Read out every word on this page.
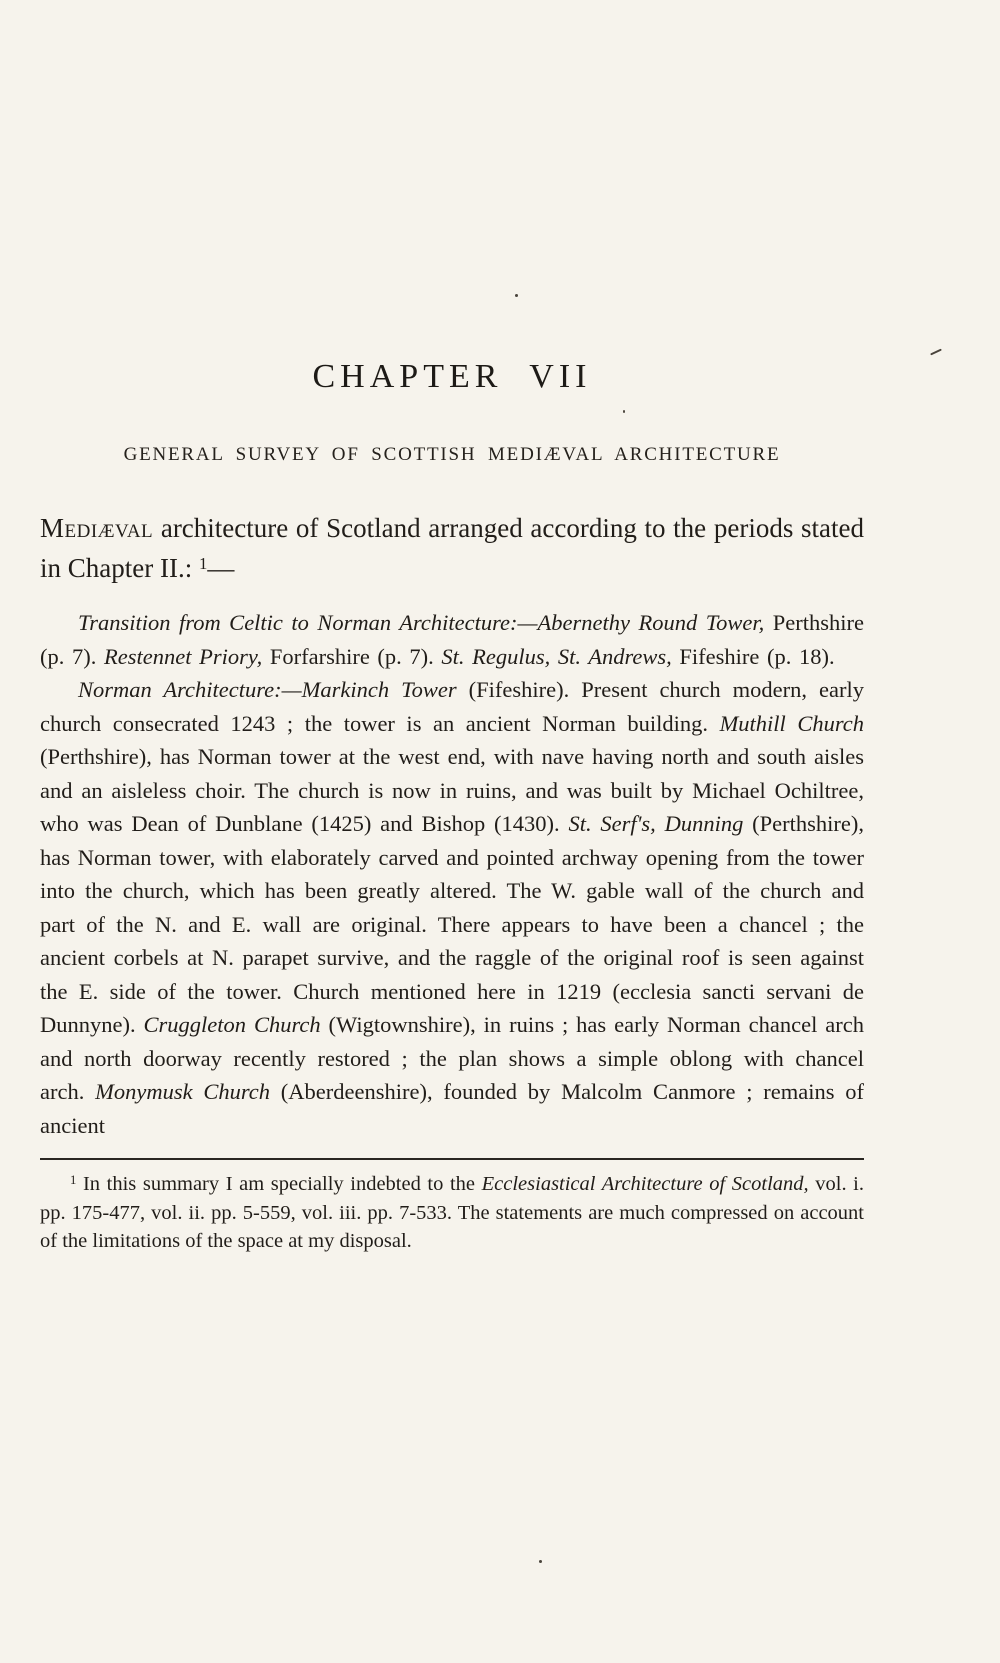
CHAPTER VII
GENERAL SURVEY OF SCOTTISH MEDIÆVAL ARCHITECTURE

Mediæval architecture of Scotland arranged according to the periods stated in Chapter II.: $^1$—

Transition from Celtic to Norman Architecture:—Abernethy Round Tower, Perthshire (p. 7). Restennet Priory, Forfarshire (p. 7). St. Regulus, St. Andrews, Fifeshire (p. 18).

Norman Architecture:—Markinch Tower (Fifeshire). Present church modern, early church consecrated 1243 ; the tower is an ancient Norman building. Muthill Church (Perthshire), has Norman tower at the west end, with nave having north and south aisles and an aisleless choir. The church is now in ruins, and was built by Michael Ochiltree, who was Dean of Dunblane (1425) and Bishop (1430). St. Serf's, Dunning (Perthshire), has Norman tower, with elaborately carved and pointed archway opening from the tower into the church, which has been greatly altered. The W. gable wall of the church and part of the N. and E. wall are original. There appears to have been a chancel ; the ancient corbels at N. parapet survive, and the raggle of the original roof is seen against the E. side of the tower. Church mentioned here in 1219 (ecclesia sancti servani de Dunnyne). Cruggleton Church (Wigtownshire), in ruins ; has early Norman chancel arch and north doorway recently restored ; the plan shows a simple oblong with chancel arch. Monymusk Church (Aberdeenshire), founded by Malcolm Canmore ; remains of ancient

$^1$ In this summary I am specially indebted to the Ecclesiastical Architecture of Scotland, vol. i. pp. 175-477, vol. ii. pp. 5-559, vol. iii. pp. 7-533. The statements are much compressed on account of the limitations of the space at my disposal.
